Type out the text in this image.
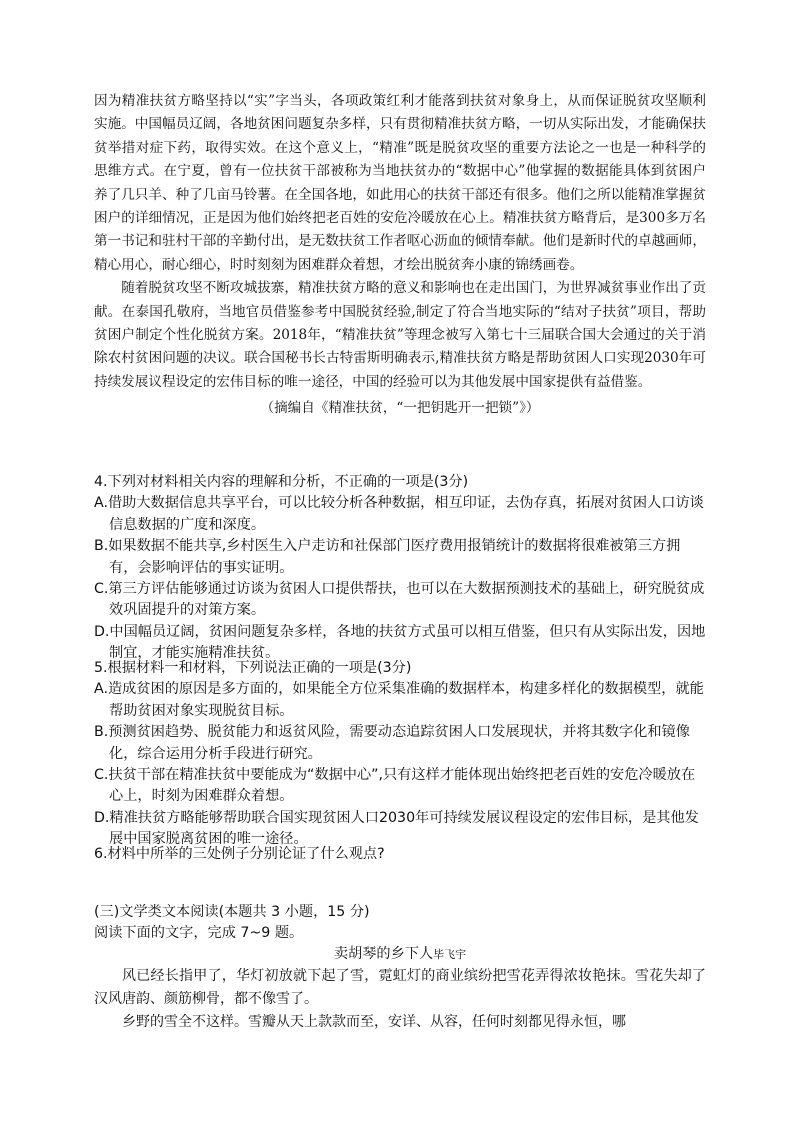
因为精准扶贫方略坚持以“实”字当头，各项政策红利才能落到扶贫对象身上，从而保证脱贫攻坚顺利实施。中国幅员辽阔，各地贫困问题复杂多样，只有贯彻精准扶贫方略，一切从实际出发，才能确保扶贫举措对症下药，取得实效。在这个意义上，“精准”既是脱贫攻坚的重要方法论之一也是一种科学的思维方式。在宁夏，曾有一位扶贫干部被称为当地扶贫办的“数据中心”他掌握的数据能具体到贫困户养了几只羊、种了几亩马铃薯。在全国各地，如此用心的扶贫干部还有很多。他们之所以能精准掌握贫困户的详细情况，正是因为他们始终把老百姓的安危冷暖放在心上。精准扶贫方略背后，是300多万名第一书记和驻村干部的辛勤付出，是无数扶贫工作者呕心沥血的倾情奉献。他们是新时代的卓越画师，精心用心，耐心细心，时时刻刻为困难群众着想，才绘出脱贫奔小康的锦绣画卷。

随着脱贫攻坚不断攻城拔寨，精准扶贫方略的意义和影响也在走出国门，为世界减贫事业作出了贡献。在泰国孔敬府，当地官员借鉴参考中国脱贫经验,制定了符合当地实际的“结对子扶贫”项目，帮助贫困户制定个性化脱贫方案。2018年，“精准扶贫”等理念被写入第七十三届联合国大会通过的关于消除农村贫困问题的决议。联合国秘书长古特雷斯明确表示,精准扶贫方略是帮助贫困人口实现2030年可持续发展议程设定的宏伟目标的唯一途径，中国的经验可以为其他发展中国家提供有益借鉴。

（摘编自《精准扶贫，“一把钥匙开一把锁”》）

4.下列对材料相关内容的理解和分析，不正确的一项是(3分)

A.借助大数据信息共享平台，可以比较分析各种数据，相互印证，去伪存真，拓展对贫困人口访谈信息数据的广度和深度。

B.如果数据不能共享,乡村医生入户走访和社保部门医疗费用报销统计的数据将很难被第三方拥有，会影响评估的事实证明。

C.第三方评估能够通过访谈为贫困人口提供帮扶，也可以在大数据预测技术的基础上，研究脱贫成效巩固提升的对策方案。

D.中国幅员辽阔，贫困问题复杂多样，各地的扶贫方式虽可以相互借鉴，但只有从实际出发，因地制宜，才能实施精准扶贫。

5.根据材料一和材料，下列说法正确的一项是(3分)

A.造成贫困的原因是多方面的，如果能全方位采集准确的数据样本，构建多样化的数据模型，就能帮助贫困对象实现脱贫目标。

B.预测贫困趋势、脱贫能力和返贫风险，需要动态追踪贫困人口发展现状，并将其数字化和镜像化，综合运用分析手段进行研究。

C.扶贫干部在精准扶贫中要能成为“数据中心”,只有这样才能体现出始终把老百姓的安危冷暖放在心上，时刻为困难群众着想。

D.精准扶贫方略能够帮助联合国实现贫困人口2030年可持续发展议程设定的宏伟目标，是其他发展中国家脱离贫困的唯一途径。

6.材料中所举的三处例子分别论证了什么观点?

(三)文学类文本阅读(本题共 3 小题，15 分)

阅读下面的文字，完成 7~9 题。

卖胡琴的乡下人毕飞宇

风已经长指甲了，华灯初放就下起了雪，霓虹灯的商业缤纷把雪花弄得浓妆艳抹。雪花失却了汉风唐韵、颜筋柳骨，都不像雪了。

乡野的雪全不这样。雪瓣从天上款款而至，安详、从容，任何时刻都见得永恒，哪
